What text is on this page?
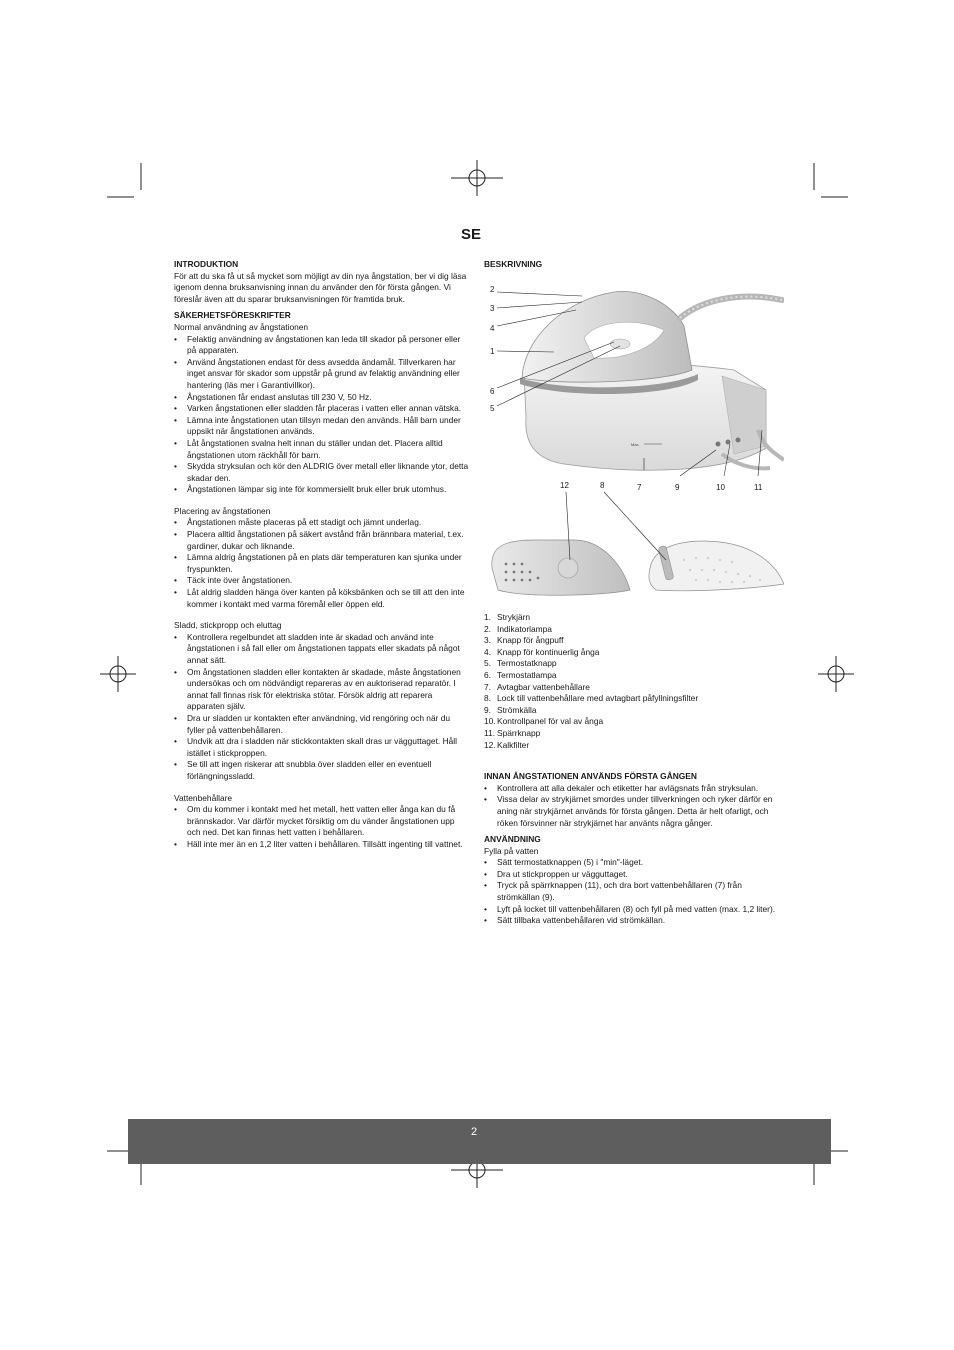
SE

INTRODUKTION

För att du ska få ut så mycket som möjligt av din nya ångstation, ber vi dig läsa igenom denna bruksanvisning innan du använder den för första gången. Vi föreslår även att du sparar bruksanvisningen för framtida bruk.

SÄKERHETSFÖRESKRIFTER

Normal användning av ångstationen

• Felaktig användning av ångstationen kan leda till skador på personer eller på apparaten.
• Använd ångstationen endast för dess avsedda ändamål. Tillverkaren har inget ansvar för skador som uppstår på grund av felaktig användning eller hantering (läs mer i Garantivillkor).
• Ångstationen får endast anslutas till 230 V, 50 Hz.
• Varken ångstationen eller sladden får placeras i vatten eller annan vätska.
• Lämna inte ångstationen utan tillsyn medan den används. Håll barn under uppsikt när ångstationen används.
• Låt ångstationen svalna helt innan du ställer undan det. Placera alltid ångstationen utom räckhåll för barn.
• Skydda stryksulan och kör den ALDRIG över metall eller liknande ytor, detta skadar den.
• Ångstationen lämpar sig inte för kommersiellt bruk eller bruk utomhus.

Placering av ångstationen

• Ångstationen måste placeras på ett stadigt och jämnt underlag.
• Placera alltid ångstationen på säkert avstånd från brännbara material, t.ex. gardiner, dukar och liknande.
• Lämna aldrig ångstationen på en plats där temperaturen kan sjunka under fryspunkten.
• Täck inte över ångstationen.
• Låt aldrig sladden hänga över kanten på köksbänken och se till att den inte kommer i kontakt med varma föremål eller öppen eld.

Sladd, stickpropp och eluttag

• Kontrollera regelbundet att sladden inte är skadad och använd inte ångstationen i så fall eller om ångstationen tappats eller skadats på något annat sätt.
• Om ångstationen sladden eller kontakten är skadade, måste ångstationen undersökas och om nödvändigt repareras av en auktoriserad reparatör. I annat fall finnas risk för elektriska stötar. Försök aldrig att reparera apparaten själv.
• Dra ur sladden ur kontakten efter användning, vid rengöring och när du fyller på vattenbehållaren.
• Undvik att dra i sladden när stickkontakten skall dras ur vägguttaget. Håll istället i stickproppen.
• Se till att ingen riskerar att snubbla över sladden eller en eventuell förlängningssladd.

Vattenbehållare

• Om du kommer i kontakt med het metall, hett vatten eller ånga kan du få brännskador. Var därför mycket försiktig om du vänder ångstationen upp och ned. Det kan finnas hett vatten i behållaren.
• Häll inte mer än en 1,2 liter vatten i behållaren. Tillsätt ingenting till vattnet.

BESKRIVNING

Max.
2
3
4
1
6
5
12	8	7	9	10	11
1. Strykjärn
2. Indikatorlampa
3. Knapp för ångpuff
4. Knapp för kontinuerlig ånga
5. Termostatknapp
6. Termostatlampa
7. Avtagbar vattenbehållare
8. Lock till vattenbehållare med avtagbart påfyllningsfilter
9. Strömkälla
10. Kontrollpanel för val av ånga
11. Spärrknapp
12. Kalkfilter

INNAN ÅNGSTATIONEN ANVÄNDS FÖRSTA GÅNGEN

• Kontrollera att alla dekaler och etiketter har avlägsnats från stryksulan.
• Vissa delar av strykjärnet smordes under tillverkningen och ryker därför en aning när strykjärnet används för första gången. Detta är helt ofarligt, och röken försvinner när strykjärnet har använts några gånger.

ANVÄNDNING

Fylla på vatten

• Sätt termostatknappen (5) i "min"-läget.
• Dra ut stickproppen ur vägguttaget.
• Tryck på spärrknappen (11), och dra bort vattenbehållaren (7) från strömkällan (9).
• Lyft på locket till vattenbehållaren (8) och fyll på med vatten (max. 1,2 liter).
• Sätt tillbaka vattenbehållaren vid strömkällan.
2
